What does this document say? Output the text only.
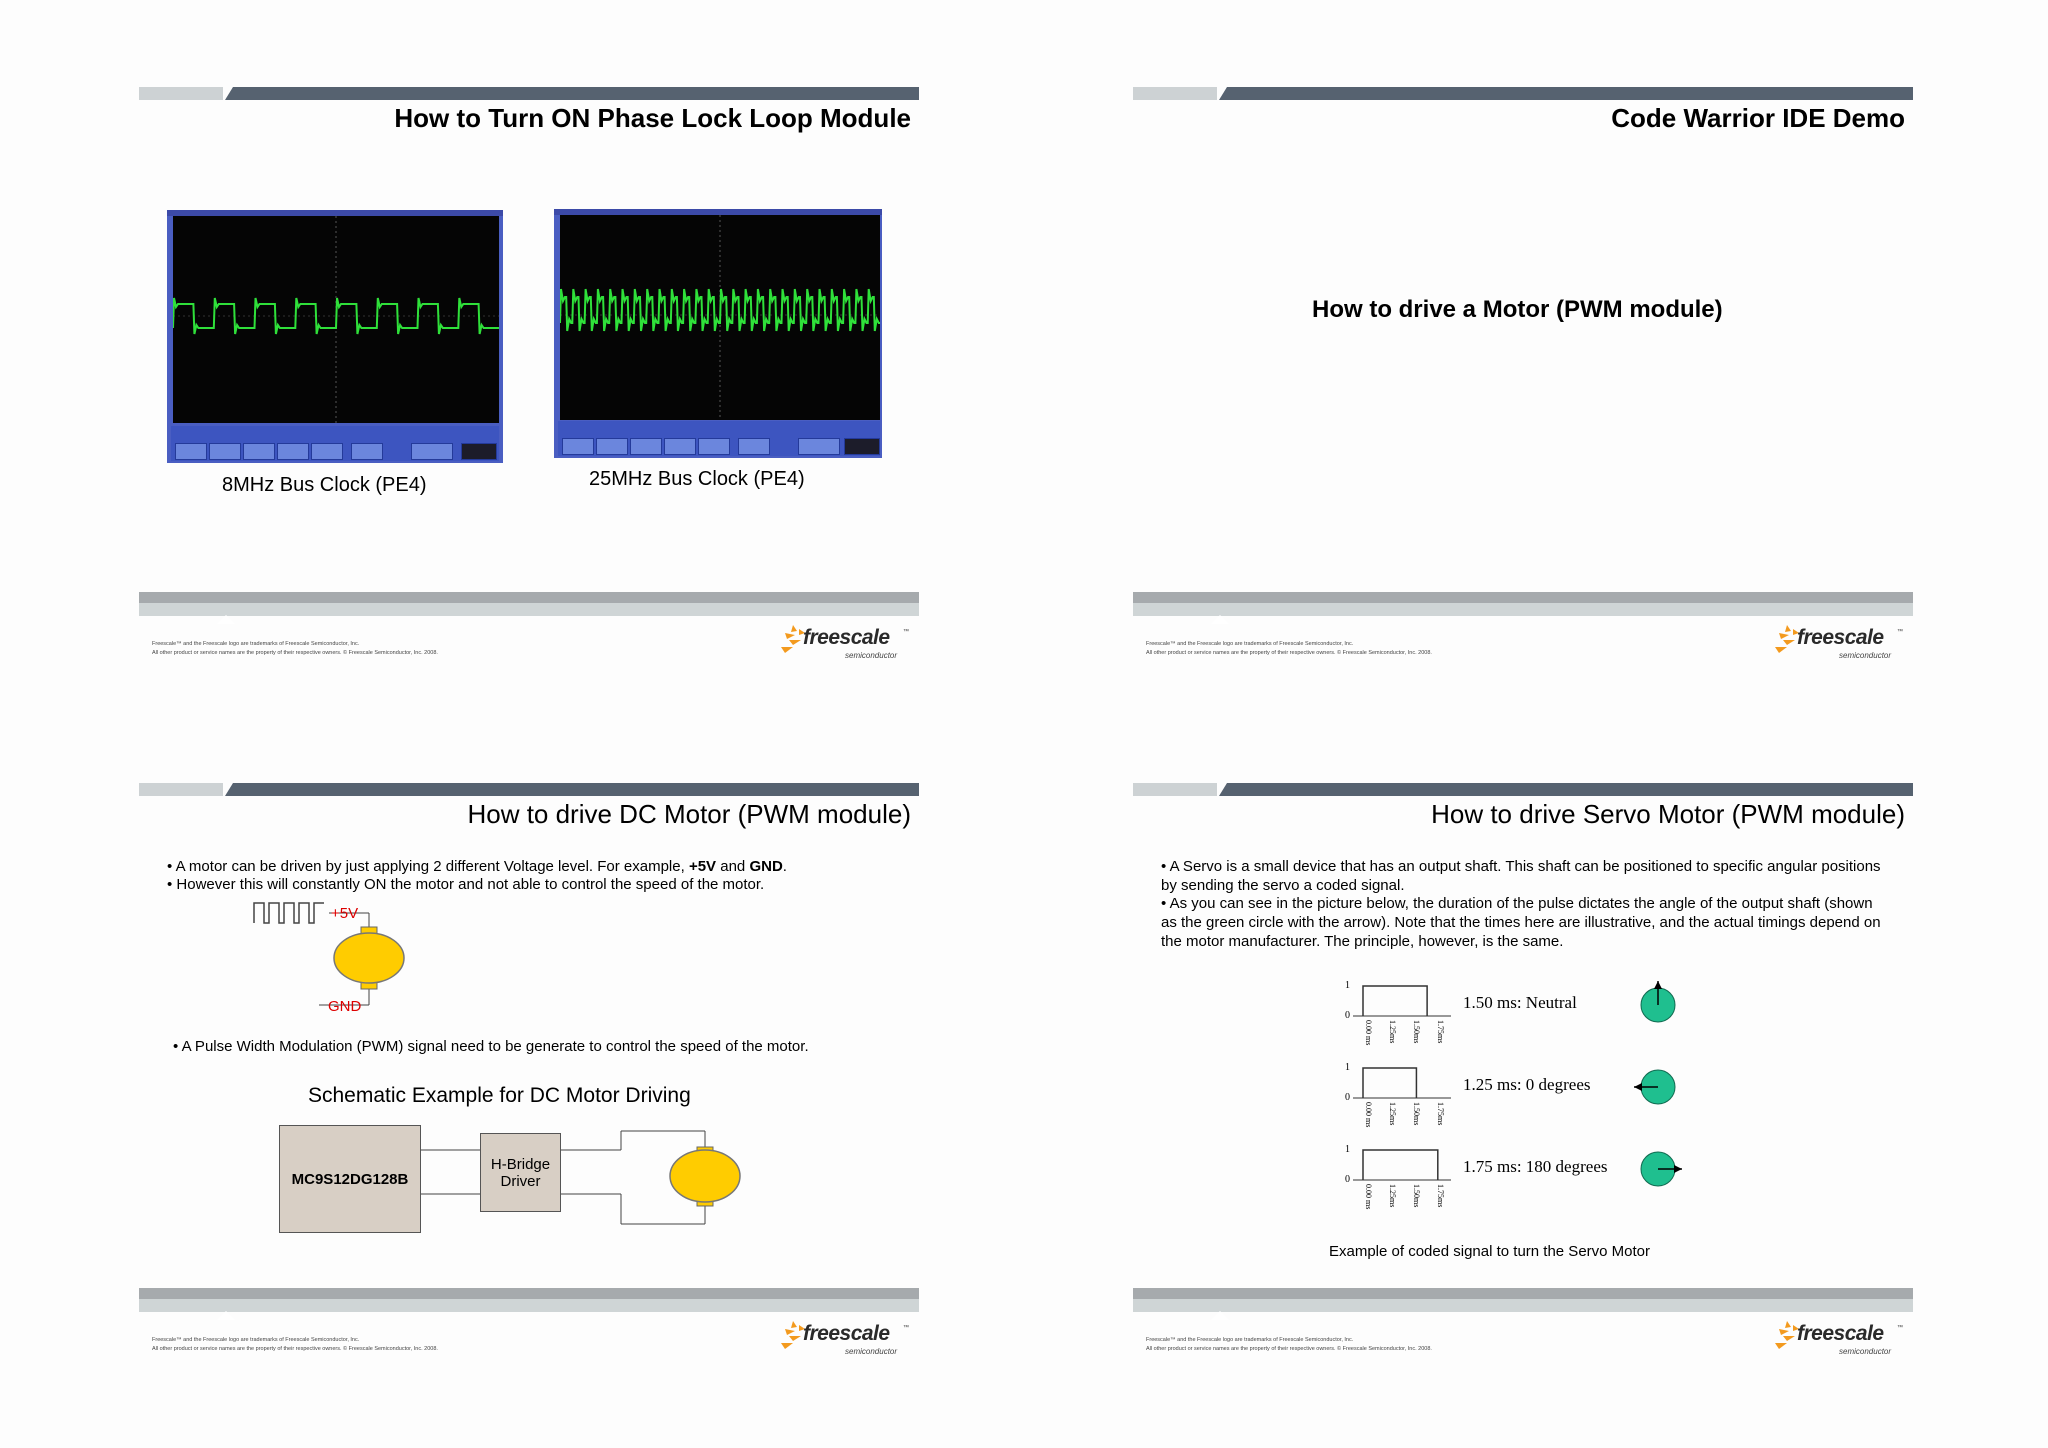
How to Turn ON Phase Lock Loop Module
8MHz Bus Clock (PE4)	25MHz Bus Clock (PE4)
Freescale™ and the Freescale logo are trademarks of Freescale Semiconductor, Inc.
All other product or service names are the property of their respective owners. © Freescale Semiconductor, Inc. 2008.
freescale ™
semiconductor
Code Warrior IDE Demo
How to drive a Motor (PWM module)
Freescale™ and the Freescale logo are trademarks of Freescale Semiconductor, Inc.
All other product or service names are the property of their respective owners. © Freescale Semiconductor, Inc. 2008.
freescale ™
semiconductor
How to drive DC Motor (PWM module)
• A motor can be driven by just applying 2 different Voltage level. For example, +5V and GND.
• However this will constantly ON the motor and not able to control the speed of the motor.
+5V
GND
• A Pulse Width Modulation (PWM) signal need to be generate to control the speed of the motor.
Schematic Example for DC Motor Driving
MC9S12DG128B
H-Bridge
Driver
Freescale™ and the Freescale logo are trademarks of Freescale Semiconductor, Inc.
All other product or service names are the property of their respective owners. © Freescale Semiconductor, Inc. 2008.
freescale ™
semiconductor
How to drive Servo Motor (PWM module)
• A Servo is a small device that has an output shaft. This shaft can be positioned to specific angular positions by sending the servo a coded signal.
• As you can see in the picture below, the duration of the pulse dictates the angle of the output shaft (shown as the green circle with the arrow). Note that the times here are illustrative, and the actual timings depend on the motor manufacturer. The principle, however, is the same.
1
0
0.00 ms 1.25ms 1.50ms 1.75ms
1.50 ms: Neutral
1
0
0.00 ms 1.25ms 1.50ms 1.75ms
1.25 ms: 0 degrees
1
0
0.00 ms 1.25ms 1.50ms 1.75ms
1.75 ms: 180 degrees
Example of coded signal to turn the Servo Motor
Freescale™ and the Freescale logo are trademarks of Freescale Semiconductor, Inc.
All other product or service names are the property of their respective owners. © Freescale Semiconductor, Inc. 2008.
freescale ™
semiconductor
